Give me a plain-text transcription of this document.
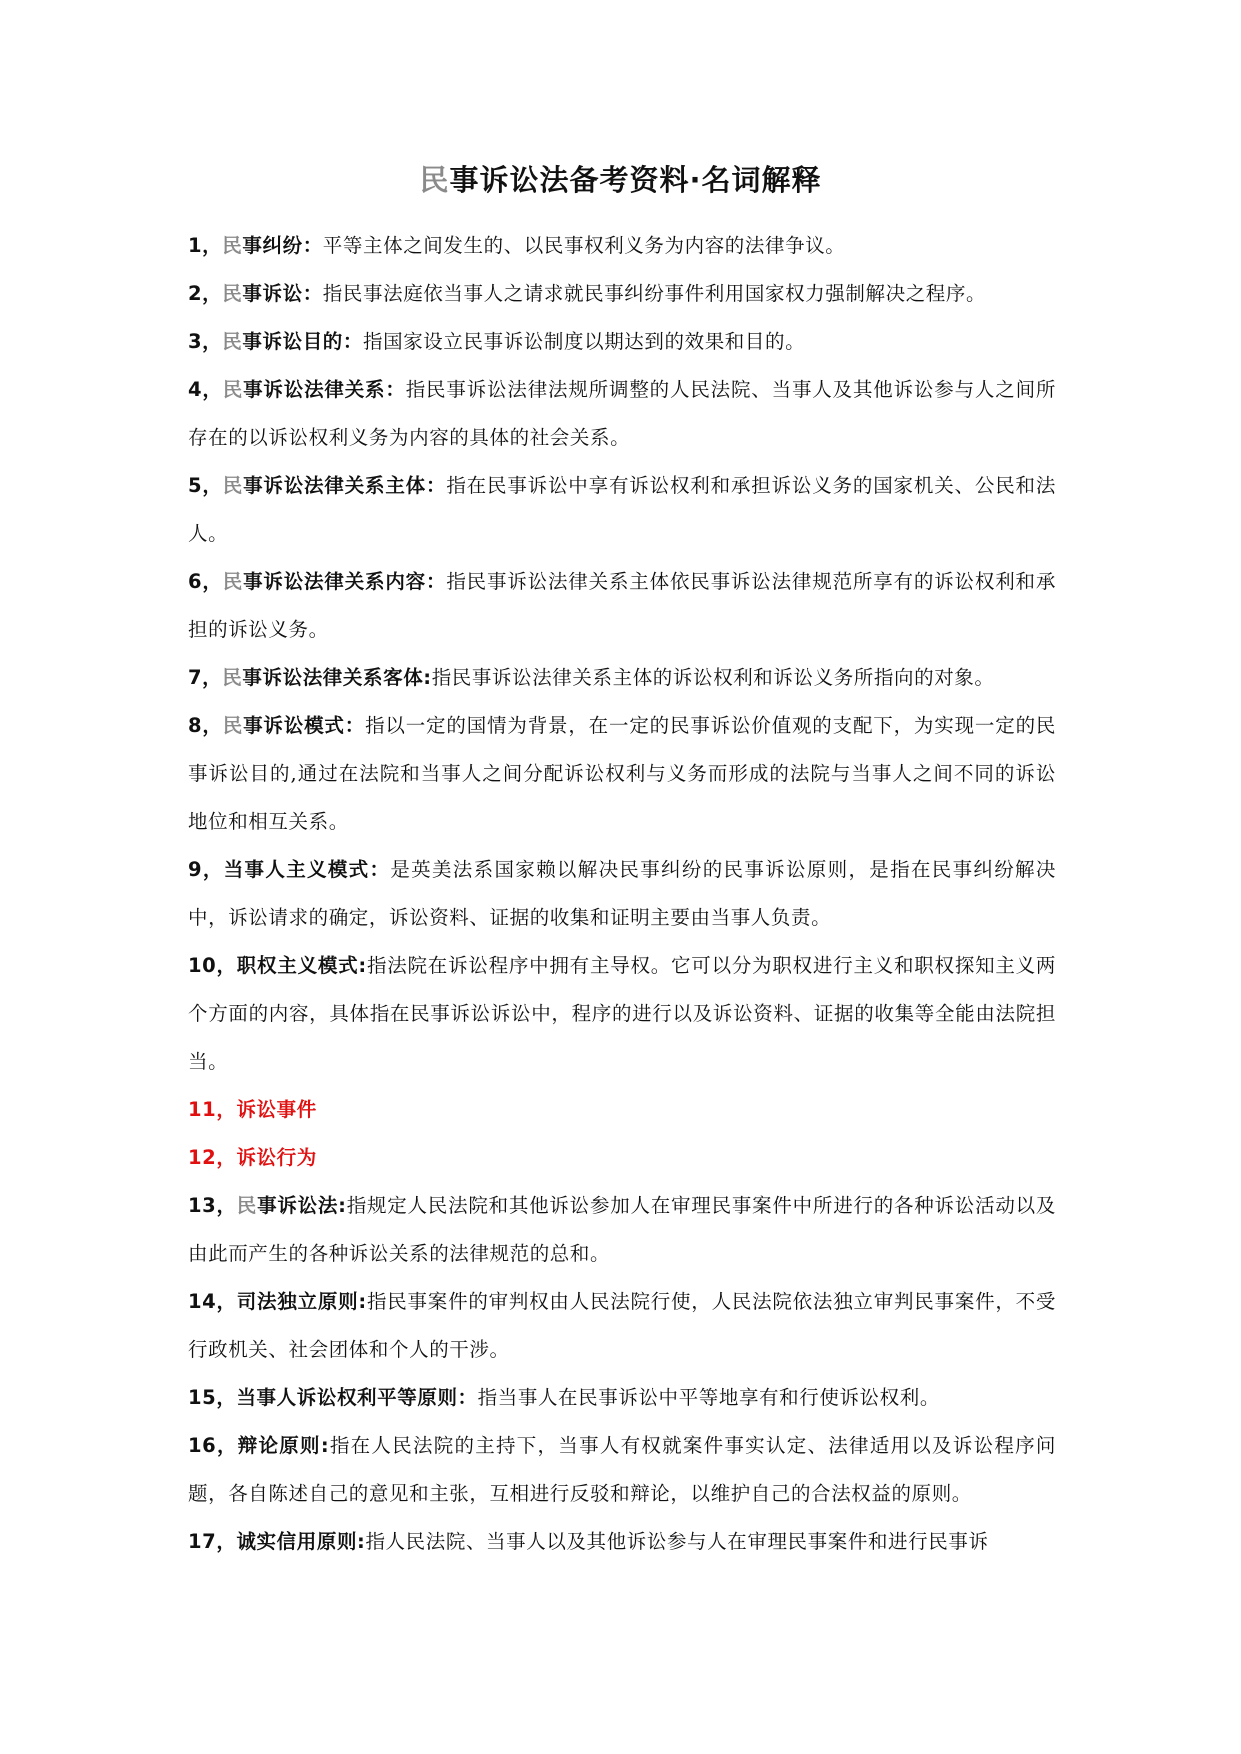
民事诉讼法备考资料·名词解释

1，民事纠纷：平等主体之间发生的、以民事权利义务为内容的法律争议。

2，民事诉讼：指民事法庭依当事人之请求就民事纠纷事件利用国家权力强制解决之程序。

3，民事诉讼目的：指国家设立民事诉讼制度以期达到的效果和目的。

4，民事诉讼法律关系：指民事诉讼法律法规所调整的人民法院、当事人及其他诉讼参与人之间所存在的以诉讼权利义务为内容的具体的社会关系。

5，民事诉讼法律关系主体：指在民事诉讼中享有诉讼权利和承担诉讼义务的国家机关、公民和法人。

6，民事诉讼法律关系内容：指民事诉讼法律关系主体依民事诉讼法律规范所享有的诉讼权利和承担的诉讼义务。

7，民事诉讼法律关系客体:指民事诉讼法律关系主体的诉讼权利和诉讼义务所指向的对象。

8，民事诉讼模式：指以一定的国情为背景，在一定的民事诉讼价值观的支配下，为实现一定的民事诉讼目的,通过在法院和当事人之间分配诉讼权利与义务而形成的法院与当事人之间不同的诉讼地位和相互关系。

9，当事人主义模式：是英美法系国家赖以解决民事纠纷的民事诉讼原则，是指在民事纠纷解决中，诉讼请求的确定，诉讼资料、证据的收集和证明主要由当事人负责。

10，职权主义模式:指法院在诉讼程序中拥有主导权。它可以分为职权进行主义和职权探知主义两个方面的内容，具体指在民事诉讼诉讼中，程序的进行以及诉讼资料、证据的收集等全能由法院担当。

11，诉讼事件

12，诉讼行为

13，民事诉讼法:指规定人民法院和其他诉讼参加人在审理民事案件中所进行的各种诉讼活动以及由此而产生的各种诉讼关系的法律规范的总和。

14，司法独立原则:指民事案件的审判权由人民法院行使，人民法院依法独立审判民事案件，不受行政机关、社会团体和个人的干涉。

15，当事人诉讼权利平等原则：指当事人在民事诉讼中平等地享有和行使诉讼权利。

16，辩论原则:指在人民法院的主持下，当事人有权就案件事实认定、法律适用以及诉讼程序问题，各自陈述自己的意见和主张，互相进行反驳和辩论，以维护自己的合法权益的原则。

17，诚实信用原则:指人民法院、当事人以及其他诉讼参与人在审理民事案件和进行民事诉
